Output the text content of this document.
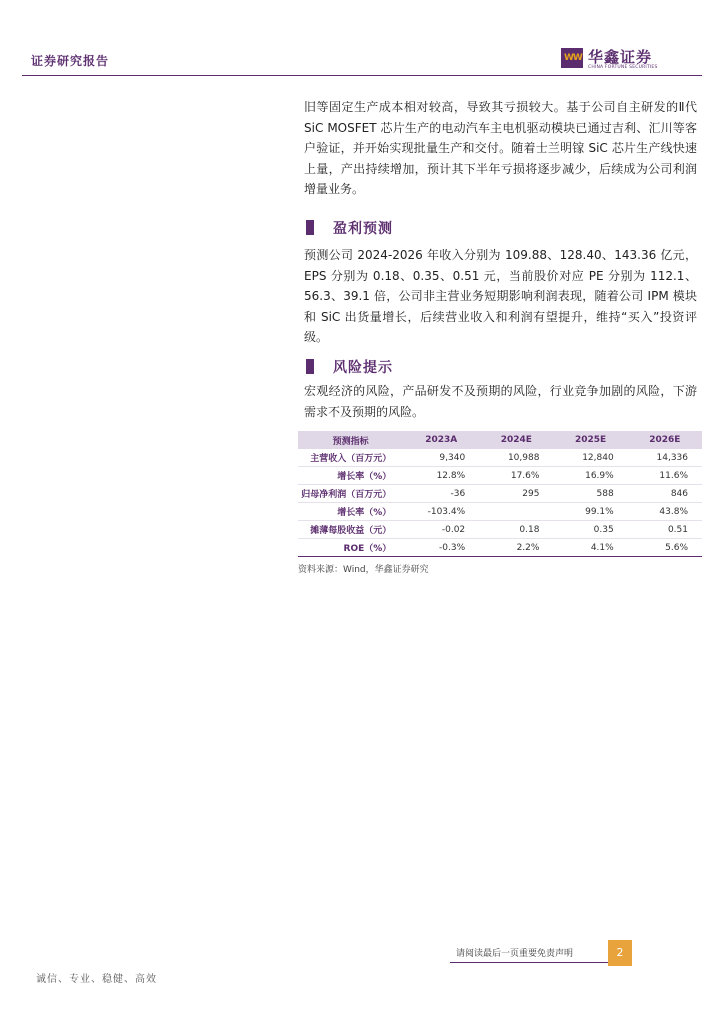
证券研究报告	WW 华鑫证券
CHINA FORTUNE SECURITIES
旧等固定生产成本相对较高，导致其亏损较大。基于公司自主研发的Ⅱ代 SiC MOSFET 芯片生产的电动汽车主电机驱动模块已通过吉利、汇川等客户验证，并开始实现批量生产和交付。随着士兰明镓 SiC 芯片生产线快速上量，产出持续增加，预计其下半年亏损将逐步减少，后续成为公司利润增量业务。
盈利预测
预测公司 2024-2026 年收入分别为 109.88、128.40、143.36 亿元，EPS 分别为 0.18、0.35、0.51 元，当前股价对应 PE 分别为 112.1、56.3、39.1 倍，公司非主营业务短期影响利润表现，随着公司 IPM 模块和 SiC 出货量增长，后续营业收入和利润有望提升，维持“买入”投资评级。
风险提示
宏观经济的风险，产品研发不及预期的风险，行业竞争加剧的风险，下游需求不及预期的风险。
预测指标	2023A	2024E	2025E	2026E
主营收入（百万元）	9,340	10,988	12,840	14,336
增长率（%）	12.8%	17.6%	16.9%	11.6%
归母净利润（百万元）	-36	295	588	846
增长率（%）	-103.4%		99.1%	43.8%
摊薄每股收益（元）	-0.02	0.18	0.35	0.51
ROE（%）	-0.3%	2.2%	4.1%	5.6%
资料来源：Wind，华鑫证券研究
请阅读最后一页重要免责声明	2
诚信、专业、稳健、高效
